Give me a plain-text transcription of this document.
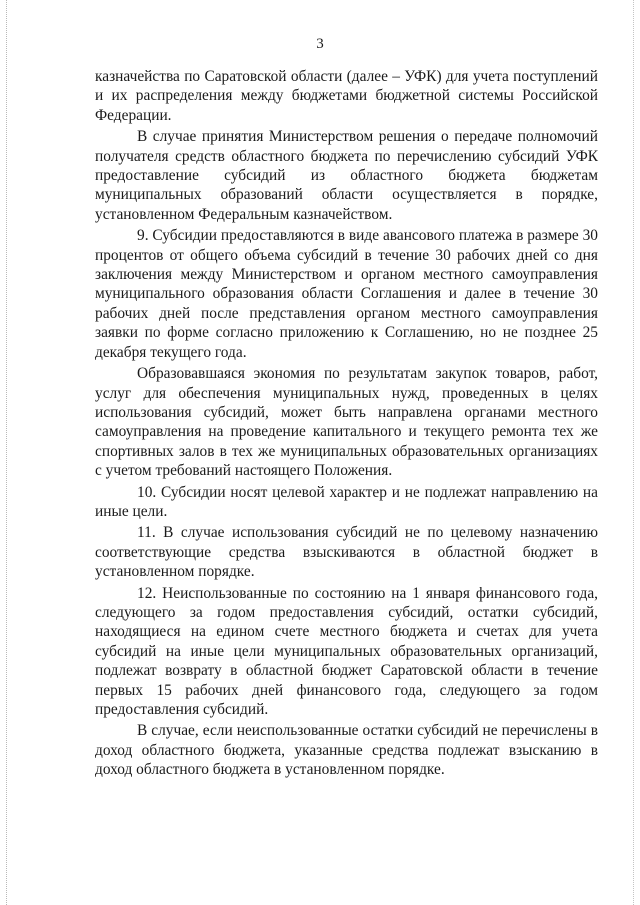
3

казначейства по Саратовской области (далее – УФК) для учета поступлений и их распределения между бюджетами бюджетной системы Российской Федерации.

В случае принятия Министерством решения о передаче полномочий получателя средств областного бюджета по перечислению субсидий УФК предоставление субсидий из областного бюджета бюджетам муниципальных образований области осуществляется в порядке, установленном Федеральным казначейством.

9. Субсидии предоставляются в виде авансового платежа в размере 30 процентов от общего объема субсидий в течение 30 рабочих дней со дня заключения между Министерством и органом местного самоуправления муниципального образования области Соглашения и далее в течение 30 рабочих дней после представления органом местного самоуправления заявки по форме согласно приложению к Соглашению, но не позднее 25 декабря текущего года.

Образовавшаяся экономия по результатам закупок товаров, работ, услуг для обеспечения муниципальных нужд, проведенных в целях использования субсидий, может быть направлена органами местного самоуправления на проведение капитального и текущего ремонта тех же спортивных залов в тех же муниципальных образовательных организациях с учетом требований настоящего Положения.

10. Субсидии носят целевой характер и не подлежат направлению на иные цели.

11. В случае использования субсидий не по целевому назначению соответствующие средства взыскиваются в областной бюджет в установленном порядке.

12. Неиспользованные по состоянию на 1 января финансового года, следующего за годом предоставления субсидий, остатки субсидий, находящиеся на едином счете местного бюджета и счетах для учета субсидий на иные цели муниципальных образовательных организаций, подлежат возврату в областной бюджет Саратовской области в течение первых 15 рабочих дней финансового года, следующего за годом предоставления субсидий.

В случае, если неиспользованные остатки субсидий не перечислены в доход областного бюджета, указанные средства подлежат взысканию в доход областного бюджета в установленном порядке.
